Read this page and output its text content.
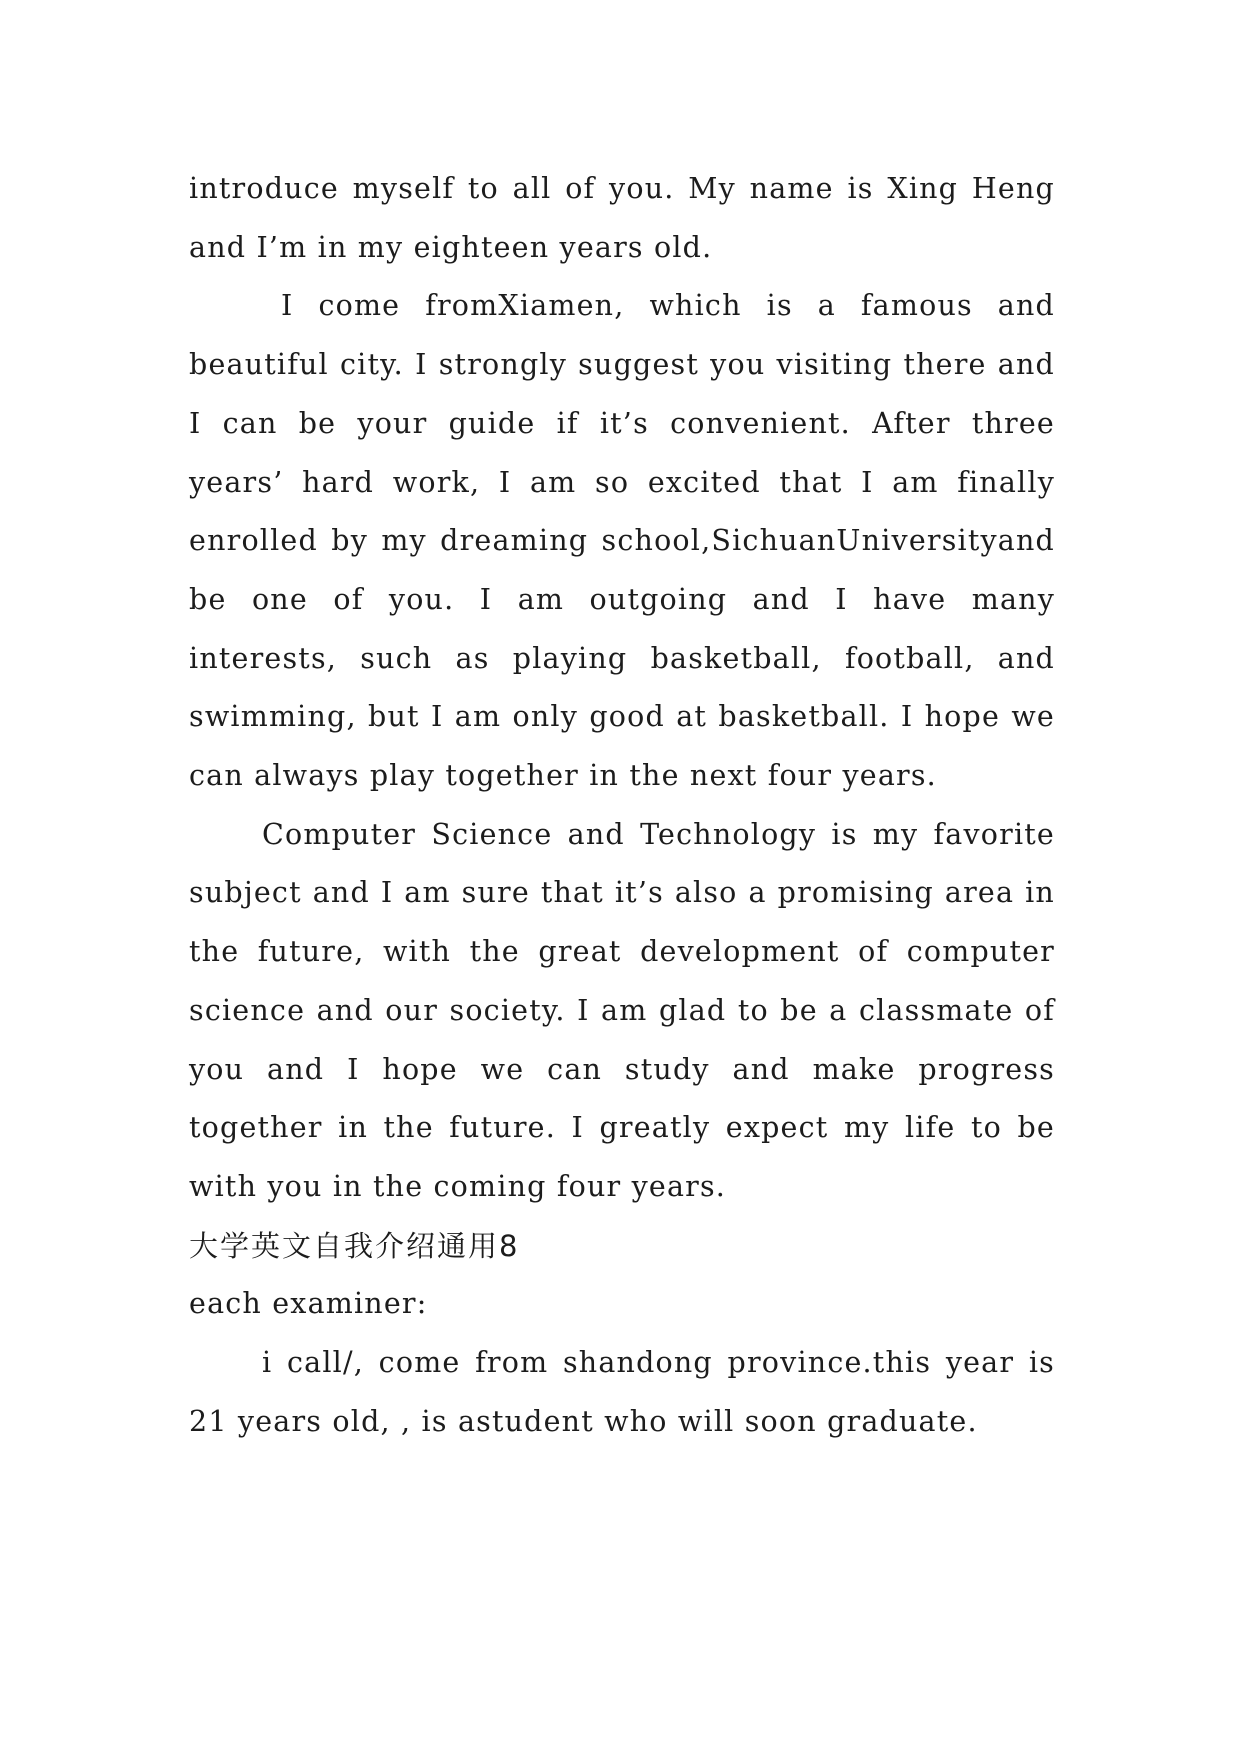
introduce myself to all of you. My name is Xing Heng and I’m in my eighteen years old.

I come fromXiamen, which is a famous and beautiful city. I strongly suggest you visiting there and I can be your guide if it’s convenient. After three years’ hard work, I am so excited that I am finally enrolled by my dreaming school,SichuanUniversityand be one of you. I am outgoing and I have many interests, such as playing basketball, football, and swimming, but I am only good at basketball. I hope we can always play together in the next four years.

Computer Science and Technology is my favorite subject and I am sure that it’s also a promising area in the future, with the great development of computer science and our society. I am glad to be a classmate of you and I hope we can study and make progress together in the future. I greatly expect my life to be with you in the coming four years.

大学英文自我介绍通用8

each examiner:

i call/, come from shandong province.this year is 21 years old, , is astudent who will soon graduate.
